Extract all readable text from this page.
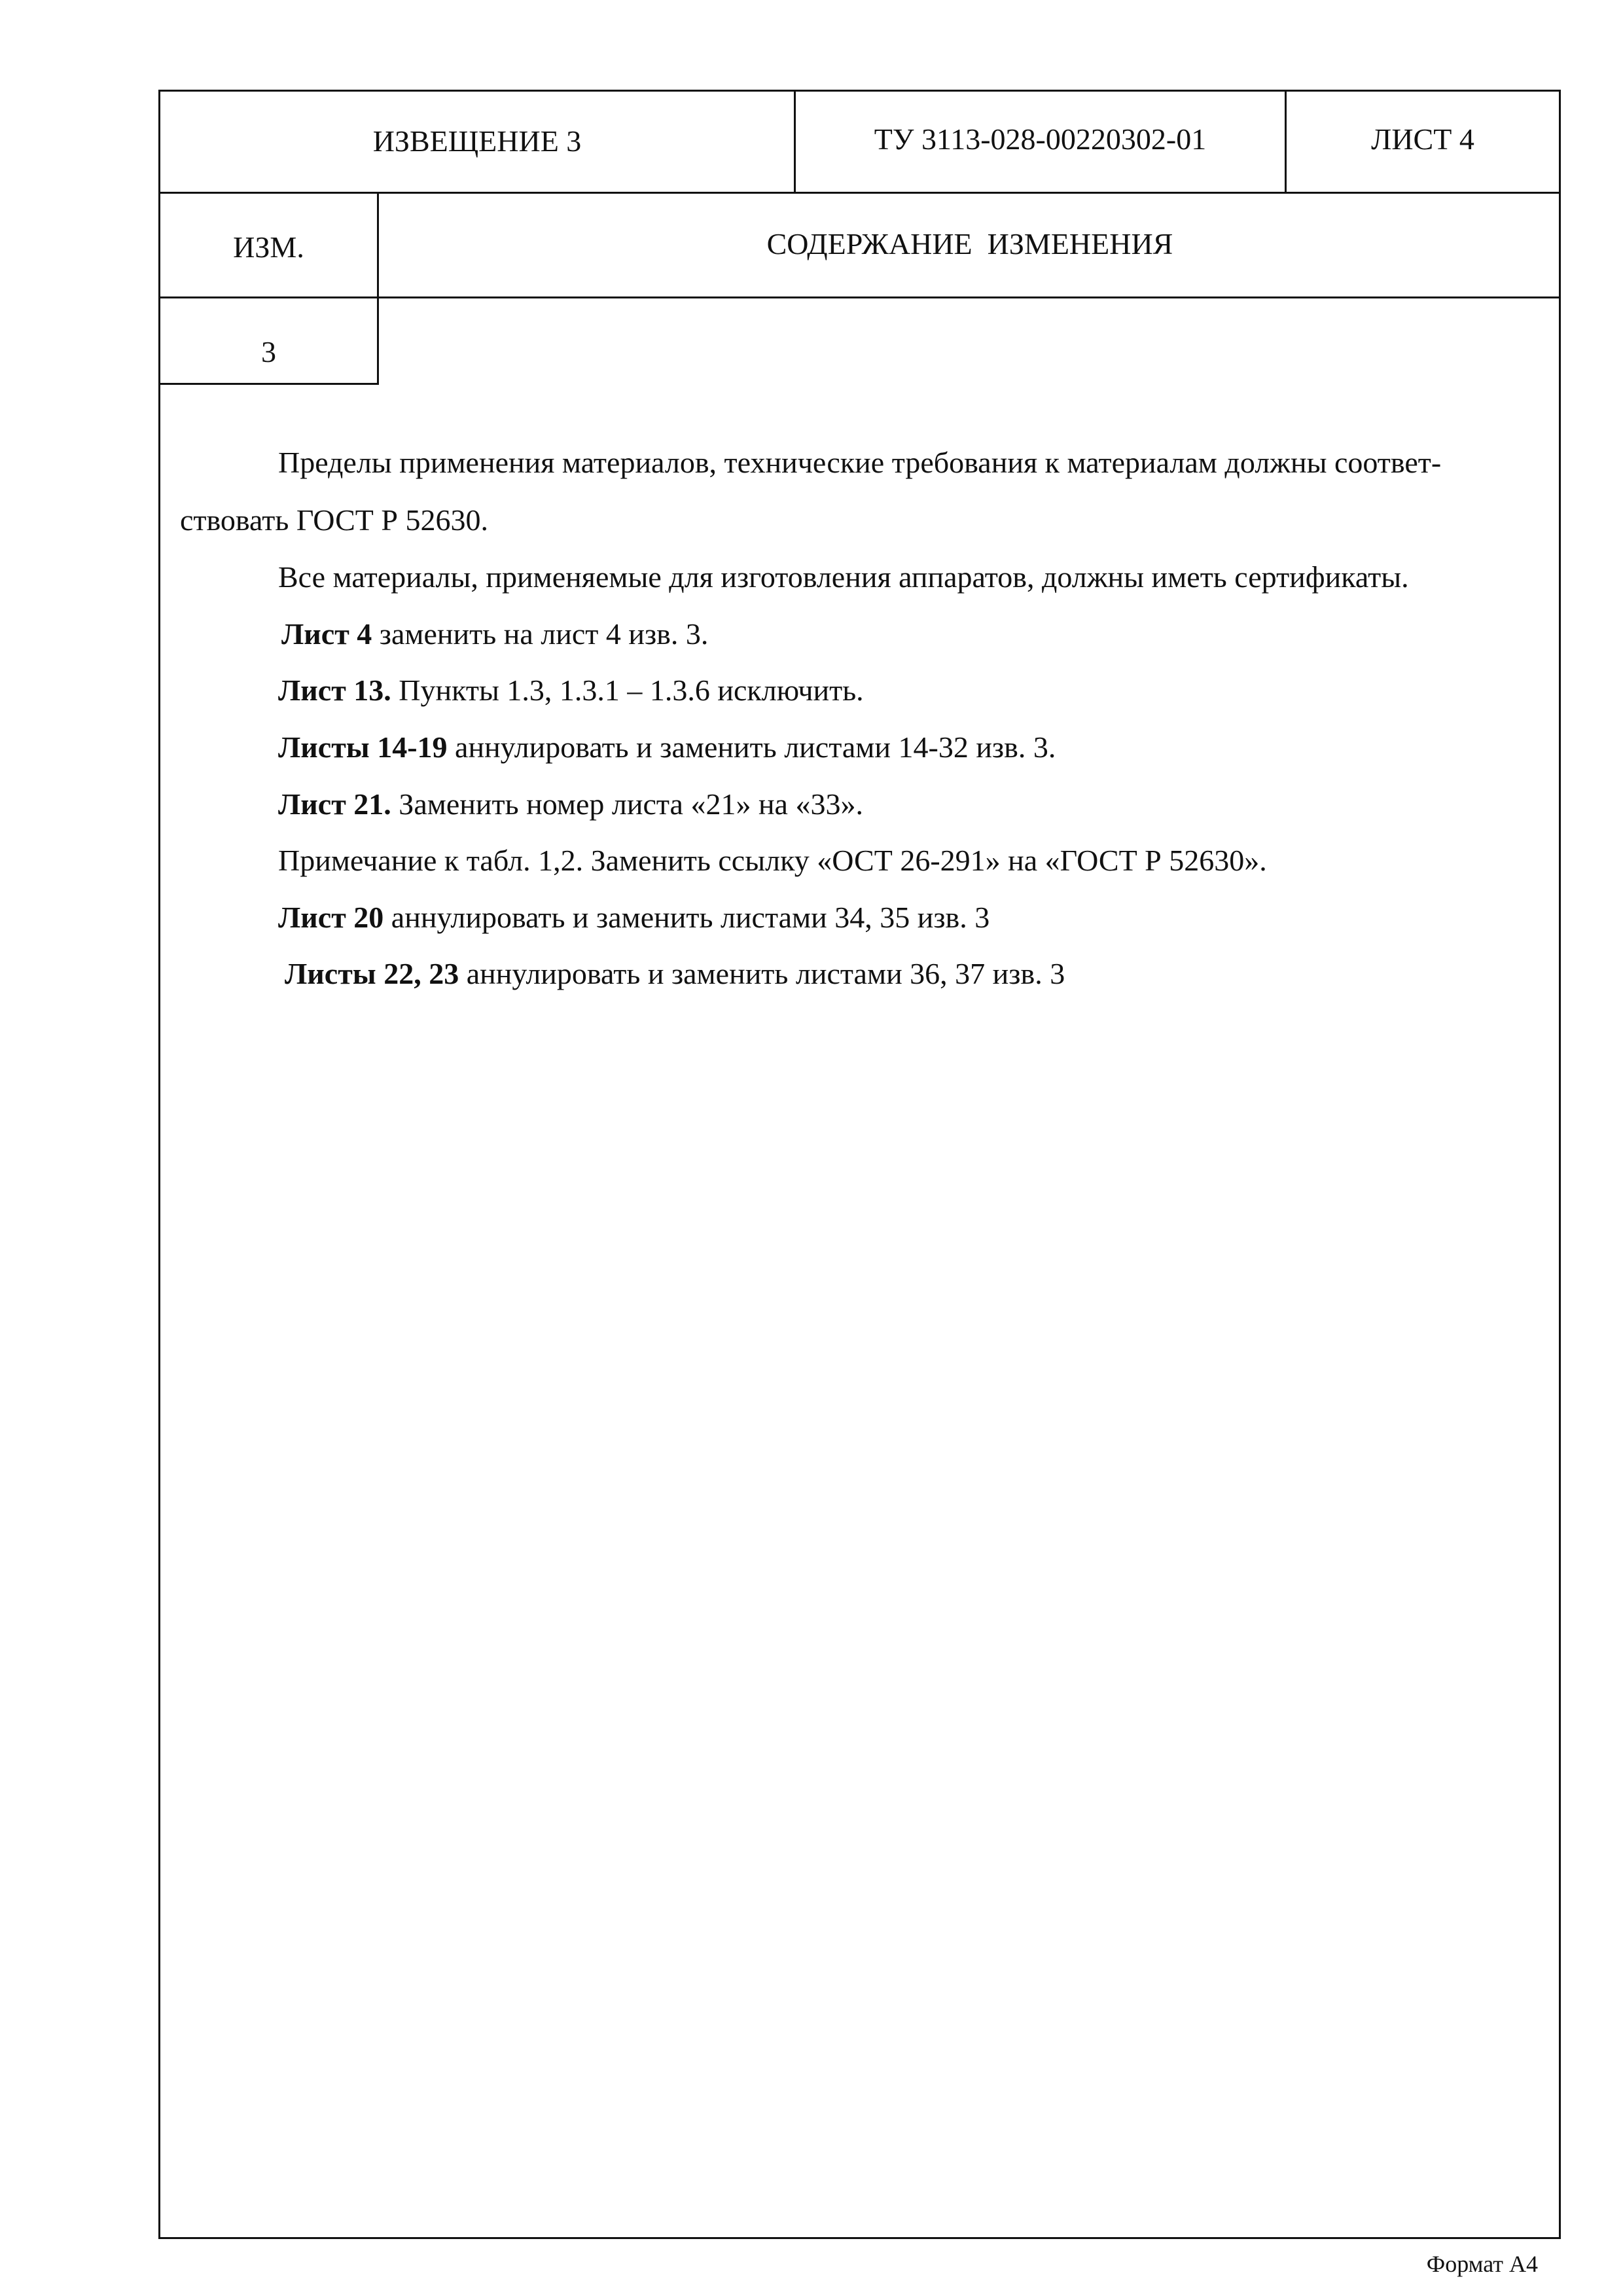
ИЗВЕЩЕНИЕ 3	ТУ 3113-028-00220302-01	ЛИСТ 4
ИЗМ.	СОДЕРЖАНИЕ  ИЗМЕНЕНИЯ
3
Пределы применения материалов, технические требования к материалам должны соответ-
ствовать ГОСТ Р 52630.
Все материалы, применяемые для изготовления аппаратов, должны иметь сертификаты.
Лист 4 заменить на лист 4 изв. 3.
Лист 13. Пункты 1.3, 1.3.1 – 1.3.6 исключить.
Листы 14-19 аннулировать и заменить листами 14-32 изв. 3.
Лист 21. Заменить номер листа «21» на «33».
Примечание к табл. 1,2. Заменить ссылку «ОСТ 26-291» на «ГОСТ Р 52630».
Лист 20 аннулировать и заменить листами 34, 35 изв. 3
Листы 22, 23 аннулировать и заменить листами 36, 37 изв. 3
Формат А4
